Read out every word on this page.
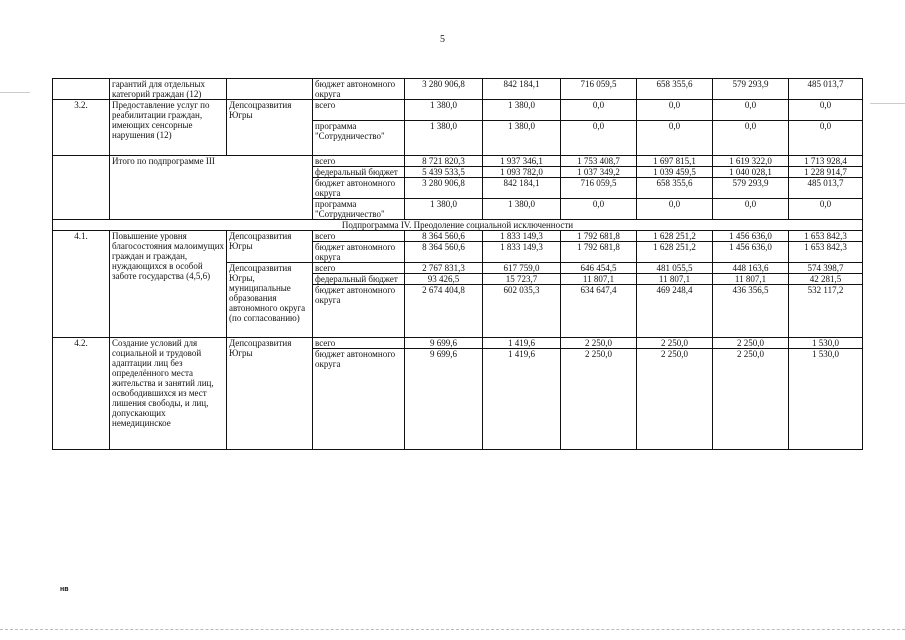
5
	гарантий для отдельных категорий граждан (12)		бюджет автономного округа	3 280 906,8	842 184,1	716 059,5	658 355,6	579 293,9	485 013,7
3.2.	Предоставление услуг по реабилитации граждан, имеющих сенсорные нарушения (12)	Депсоцразвития Югры	всего	1 380,0	1 380,0	0,0	0,0	0,0	0,0
			программа "Сотрудничество"	1 380,0	1 380,0	0,0	0,0	0,0	0,0
	Итого по подпрограмме III		всего	8 721 820,3	1 937 346,1	1 753 408,7	1 697 815,1	1 619 322,0	1 713 928,4
			федеральный бюджет	5 439 533,5	1 093 782,0	1 037 349,2	1 039 459,5	1 040 028,1	1 228 914,7
			бюджет автономного округа	3 280 906,8	842 184,1	716 059,5	658 355,6	579 293,9	485 013,7
			программа "Сотрудничество"	1 380,0	1 380,0	0,0	0,0	0,0	0,0
Подпрограмма IV. Преодоление социальной исключенности									
4.1.	Повышение уровня благосостояния малоимущих граждан и граждан, нуждающихся в особой заботе государства (4,5,6)	Депсоцразвития Югры	всего	8 364 560,6	1 833 149,3	1 792 681,8	1 628 251,2	1 456 636,0	1 653 842,3
			бюджет автономного округа	8 364 560,6	1 833 149,3	1 792 681,8	1 628 251,2	1 456 636,0	1 653 842,3
		Депсоцразвития Югры, муниципальные образования автономного округа (по согласованию)	всего	2 767 831,3	617 759,0	646 454,5	481 055,5	448 163,6	574 398,7
			федеральный бюджет	93 426,5	15 723,7	11 807,1	11 807,1	11 807,1	42 281,5
			бюджет автономного округа	2 674 404,8	602 035,3	634 647,4	469 248,4	436 356,5	532 117,2
4.2.	Создание условий для социальной и трудовой адаптации лиц без определённого места жительства и занятий лиц, освободившихся из мест лишения свободы, и лиц, допускающих немедицинское	Депсоцразвития Югры	всего	9 699,6	1 419,6	2 250,0	2 250,0	2 250,0	1 530,0
			бюджет автономного округа	9 699,6	1 419,6	2 250,0	2 250,0	2 250,0	1 530,0
нв
